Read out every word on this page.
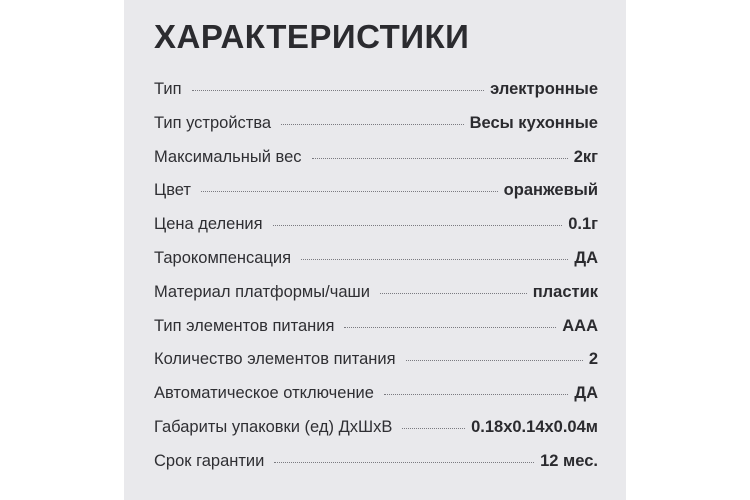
ХАРАКТЕРИСТИКИ
Тип	электронные
Тип устройства	Весы кухонные
Максимальный вес	2кг
Цвет	оранжевый
Цена деления	0.1г
Тарокомпенсация	ДА
Материал платформы/чаши	пластик
Тип элементов питания	AAA
Количество элементов питания	2
Автоматическое отключение	ДА
Габариты упаковки (ед) ДхШхВ	0.18x0.14x0.04м
Срок гарантии	12 мес.
